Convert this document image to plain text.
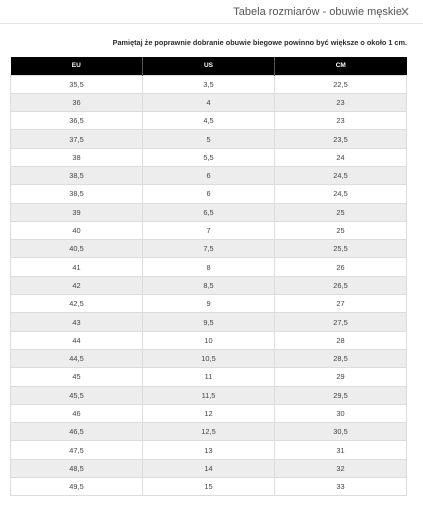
Tabela rozmiarów - obuwie męskie
Pamiętaj że poprawnie dobranie obuwie biegowe powinno być większe o około 1 cm.
EU	US	CM
35,5	3,5	22,5
36	4	23
36,5	4,5	23
37,5	5	23,5
38	5,5	24
38,5	6	24,5
38,5	6	24,5
39	6,5	25
40	7	25
40,5	7,5	25,5
41	8	26
42	8,5	26,5
42,5	9	27
43	9,5	27,5
44	10	28
44,5	10,5	28,5
45	11	29
45,5	11,5	29,5
46	12	30
46,5	12,5	30,5
47,5	13	31
48,5	14	32
49,5	15	33
